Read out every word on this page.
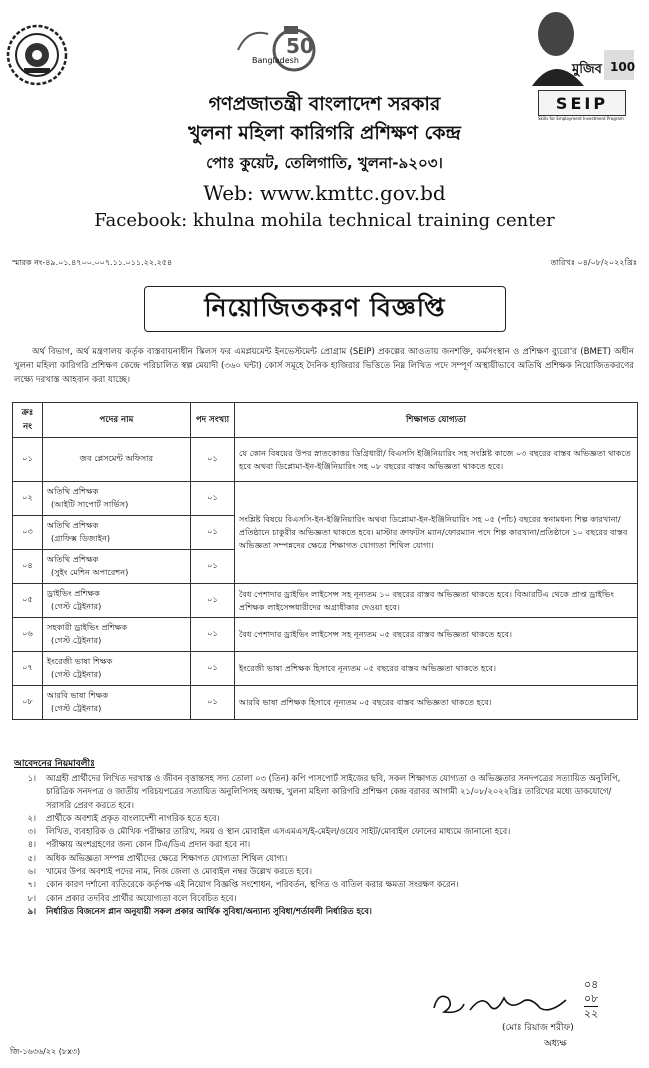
Bangladesh
50
মুজিব 100
SEIP
Skills for Employment Investment Program
গণপ্রজাতন্ত্রী বাংলাদেশ সরকার
খুলনা মহিলা কারিগরি প্রশিক্ষণ কেন্দ্র
পোঃ কুয়েট, তেলিগাতি, খুলনা-৯২০৩।
Web: www.kmttc.gov.bd
Facebook: khulna mohila technical training center
স্মারক নং-৪৯.০১.৪৭০০.০০৭.১১.০১১.২২.২৫৪	তারিখঃ ০৪/০৮/২০২২খ্রিঃ
নিয়োজিতকরণ বিজ্ঞপ্তি
অর্থ বিভাগ, অর্থ মন্ত্রণালয় কর্তৃক বাস্তবায়নাধীন স্কিলস ফর এমপ্লয়মেন্ট ইনভেস্টমেন্ট প্রোগ্রাম (SEIP) প্রকল্পের আওতায় জনশক্তি, কর্মসংস্থান ও প্রশিক্ষণ ব্যুরো'র (BMET) অধীন খুলনা মহিলা কারিগরি প্রশিক্ষণ কেন্দ্রে পরিচালিত স্বল্প মেয়াদী (৩৬০ ঘন্টা) কোর্স সমূহে দৈনিক হাজিরার ভিত্তিতে নিম্ন লিখিত পদে সম্পূর্ণ অস্থায়ীভাবে অতিথি প্রশিক্ষক নিয়োজিতকরণের লক্ষ্যে দরখাস্ত আহবান করা যাচ্ছে।
ক্রঃ নং	পদের নাম	পদ সংখ্যা	শিক্ষাগত যোগ্যতা
০১	জব প্লেসমেন্ট অফিসার	০১	যে কোন বিষয়ের উপর স্নাতকোত্তর ডিগ্রিধারী/ বিএসসি ইঞ্জিনিয়ারিং সহ সংশ্লিষ্ট কাজে ০৩ বছরের বাস্তব অভিজ্ঞতা থাকতে হবে অথবা ডিপ্লোমা-ইন-ইঞ্জিনিয়ারিং সহ ০৮ বছরের বাস্তব অভিজ্ঞতা থাকতে হবে।
০২	অতিথি প্রশিক্ষক
(আইটি সাপোর্ট সার্ভিস)	০১	সংশ্লিষ্ট বিষয়ে বিএসসি-ইন-ইঞ্জিনিয়ারিং অথবা ডিপ্লোমা-ইন-ইঞ্জিনিয়ারিং সহ ০৫ (পাঁচ) বছরের স্বনামধন্য শিল্প কারখানা/প্রতিষ্ঠানে চাকুরীর অভিজ্ঞতা থাকতে হবে। মাস্টার ক্রাফটস ম্যান/ফোরম্যান পদে শিল্প কারখানা/প্রতিষ্ঠানে ১০ বছরের বাস্তব অভিজ্ঞতা সম্পন্নদের ক্ষেত্রে শিক্ষাগত যোগ্যতা শিথিল যোগ্য।
০৩	অতিথি প্রশিক্ষক
(গ্রাফিক্স ডিজাইন)	০১	
০৪	অতিথি প্রশিক্ষক
(সুইং মেশিন অপারেশন)	০১	
০৫	ড্রাইভিং প্রশিক্ষক
(গেস্ট ট্রেইনার)	০১	বৈধ পেশাদার ড্রাইভিং লাইসেন্স সহ নূন্যতম ১০ বছরের বাস্তব অভিজ্ঞতা থাকতে হবে। বিআরটিএ থেকে প্রাপ্ত ড্রাইভিং প্রশিক্ষক লাইসেন্সধারীদের অগ্রাধীকার দেওয়া হবে।
০৬	সহকারী ড্রাইভিং প্রশিক্ষক
(গেস্ট ট্রেইনার)	০১	বৈধ পেশাদার ড্রাইভিং লাইসেন্স সহ নূন্যতম ০৫ বছরের বাস্তব অভিজ্ঞতা থাকতে হবে।
০৭	ইংরেজী ভাষা শিক্ষক
(গেস্ট ট্রেইনার)	০১	ইংরেজী ভাষা প্রশিক্ষক হিসাবে নূন্যতম ০৫ বছরের বাস্তব অভিজ্ঞতা থাকতে হবে।
০৮	আরবি ভাষা শিক্ষক
(গেস্ট ট্রেইনার)	০১	আরবি ভাষা প্রশিক্ষক হিসাবে নূন্যতম ০৫ বছরের বাস্তব অভিজ্ঞতা থাকতে হবে।
আবেদনের নিয়মাবলীঃ
১।	আগ্রহী প্রার্থীদের লিখিত দরখাস্ত ও জীবন বৃত্তান্তসহ সদ্য তোলা ০৩ (তিন) কপি পাসপোর্ট সাইজের ছবি, সকল শিক্ষাগত যোগ্যতা ও অভিজ্ঞতার সনদপত্রের সত্যায়িত অনুলিপি, চারিত্রিক সনদপত্র ও জাতীয় পরিচয়পত্রের সত্যায়িত অনুলিপিসহ অধ্যক্ষ, খুলনা মহিলা কারিগরি প্রশিক্ষণ কেন্দ্র বরাবর আগামী ২১/০৮/২০২২খ্রিঃ তারিখের মধ্যে ডাকযোগে/সরাসরি প্রেরণ করতে হবে।
২।	প্রার্থীকে অবশ্যই প্রকৃত বাংলাদেশী নাগরিক হতে হবে।
৩।	লিখিত, ব্যবহারিক ও মৌখিক পরীক্ষার তারিখ, সময় ও স্থান মোবাইল এসএমএস/ই-মেইল/ওয়েব সাইট/মোবাইল ফোনের মাধ্যমে জানানো হবে।
৪।	পরীক্ষায় অংশগ্রহণের জন্য কোন টিএ/ডিএ প্রদান করা হবে না।
৫।	অধিক অভিজ্ঞতা সম্পন্ন প্রার্থীদের ক্ষেত্রে শিক্ষাগত যোগ্যতা শিথিল যোগ্য।
৬।	খামের উপর অবশ্যই পদের নাম, নিজ জেলা ও মোবাইল নম্বর উল্লেখ করতে হবে।
৭।	কোন কারণ দর্শানো ব্যতিরেকে কর্তৃপক্ষ এই নিয়োগ বিজ্ঞপ্তি সংশোধন, পরিবর্তন, স্থগিত ও বাতিল করার ক্ষমতা সংরক্ষণ করেন।
৮।	কোন প্রকার তদবির প্রার্থীর অযোগ্যতা বলে বিবেচিত হবে।
৯।	নির্ধারিত বিজনেস প্লান অনুযায়ী সকল প্রকার আর্থিক সুবিধা/অন্যান্য সুবিধা/শর্তাবলী নির্ধারিত হবে।
০৪
০৮
২২
(মোঃ রিয়াজ শরীফ)
অধ্যক্ষ
জি-১৬৩৬/২২ (৮x৩)
